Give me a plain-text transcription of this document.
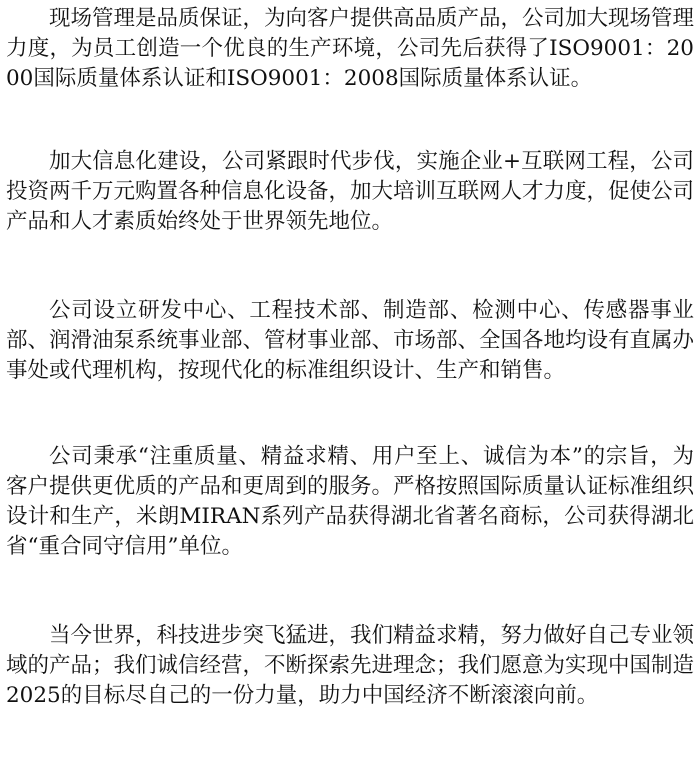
现场管理是品质保证，为向客户提供高品质产品，公司加大现场管理力度，为员工创造一个优良的生产环境，公司先后获得了ISO9001：2000国际质量体系认证和ISO9001：2008国际质量体系认证。

加大信息化建设，公司紧跟时代步伐，实施企业+互联网工程，公司投资两千万元购置各种信息化设备，加大培训互联网人才力度，促使公司产品和人才素质始终处于世界领先地位。

公司设立研发中心、工程技术部、制造部、检测中心、传感器事业部、润滑油泵系统事业部、管材事业部、市场部、全国各地均设有直属办事处或代理机构，按现代化的标准组织设计、生产和销售。

公司秉承“注重质量、精益求精、用户至上、诚信为本”的宗旨，为客户提供更优质的产品和更周到的服务。严格按照国际质量认证标准组织设计和生产，米朗MIRAN系列产品获得湖北省著名商标，公司获得湖北省“重合同守信用”单位。

当今世界，科技进步突飞猛进，我们精益求精，努力做好自己专业领域的产品；我们诚信经营，不断探索先进理念；我们愿意为实现中国制造2025的目标尽自己的一份力量，助力中国经济不断滚滚向前。
